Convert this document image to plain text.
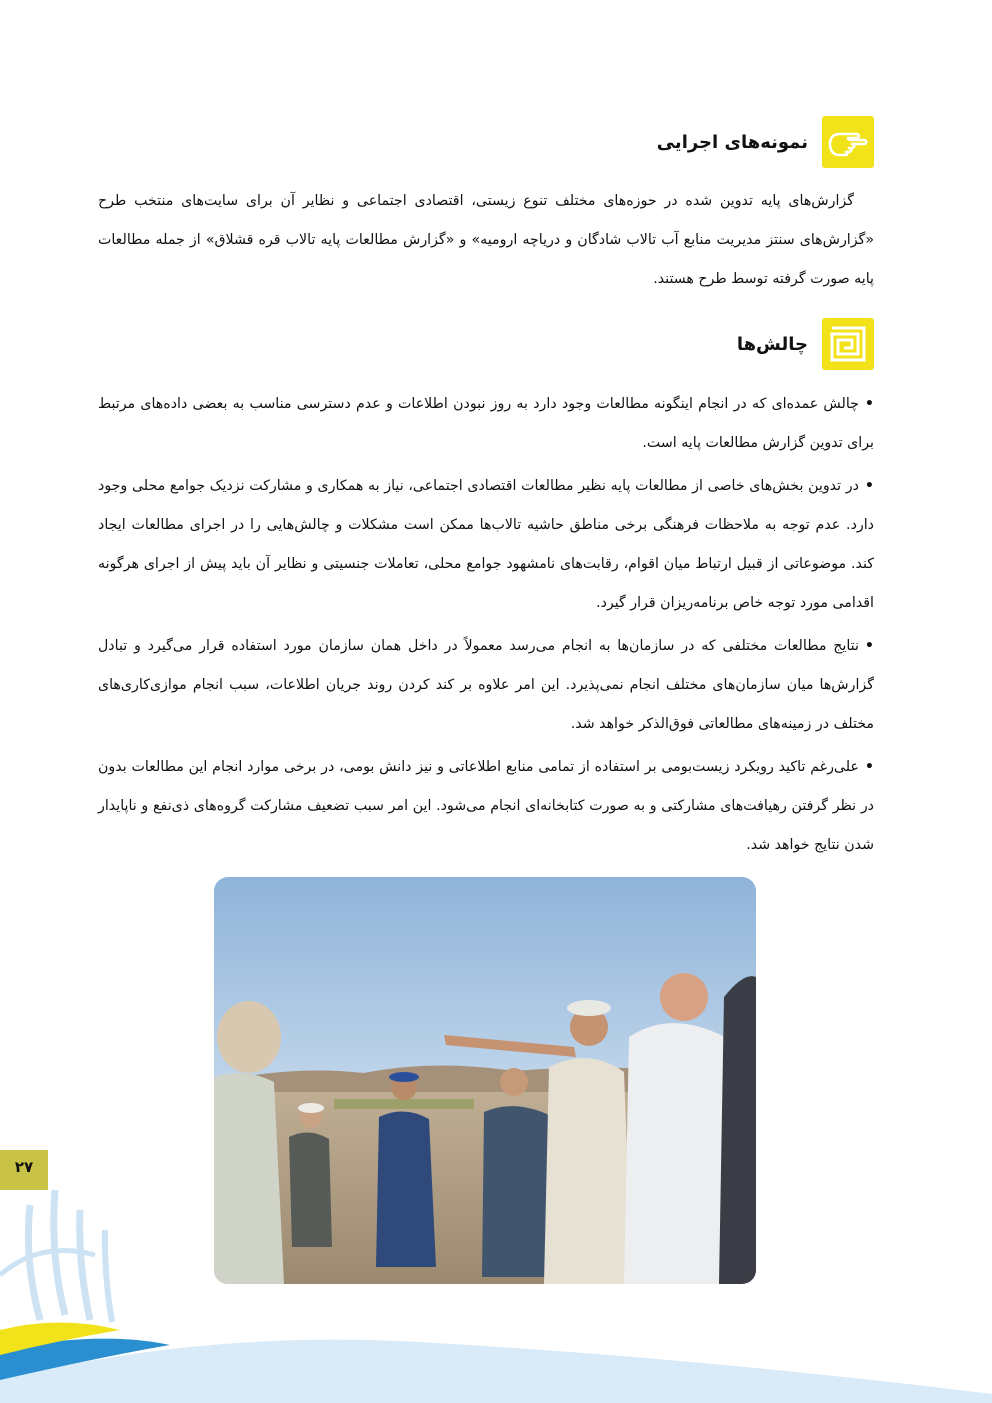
نمونه‌های اجرایی

گزارش‌های پایه تدوین شده در حوزه‌های مختلف تنوع زیستی، اقتصادی اجتماعی و نظایر آن برای سایت‌های منتخب طرح «گزارش‌های سنتز مدیریت منابع آب تالاب شادگان و دریاچه ارومیه» و «گزارش مطالعات پایه تالاب قره قشلاق» از جمله مطالعات پایه صورت گرفته توسط طرح هستند.

چالش‌ها
•چالش عمده‌ای که در انجام اینگونه مطالعات وجود دارد به روز نبودن اطلاعات و عدم دسترسی مناسب به بعضی داده‌های مرتبط برای تدوین گزارش مطالعات پایه است.
•در تدوین بخش‌های خاصی از مطالعات پایه نظیر مطالعات اقتصادی اجتماعی، نیاز به همکاری و مشارکت نزدیک جوامع محلی وجود دارد. عدم توجه به ملاحظات فرهنگی برخی مناطق حاشیه تالاب‌ها ممکن است مشکلات و چالش‌هایی را در اجرای مطالعات ایجاد کند. موضوعاتی از قبیل ارتباط میان اقوام، رقابت‌های نامشهود جوامع محلی، تعاملات جنسیتی و نظایر آن باید پیش از اجرای هرگونه اقدامی مورد توجه خاص برنامه‌ریزان قرار گیرد.
•نتایج مطالعات مختلفی که در سازمان‌ها به انجام می‌رسد معمولاً در داخل همان سازمان مورد استفاده قرار می‌گیرد و تبادل گزارش‌ها میان سازمان‌های مختلف انجام نمی‌پذیرد. این امر علاوه بر کند کردن روند جریان اطلاعات، سبب انجام موازی‌کاری‌های مختلف در زمینه‌های مطالعاتی فوق‌الذکر خواهد شد.
•علی‌رغم تاکید رویکرد زیست‌بومی بر استفاده از تمامی منابع اطلاعاتی و نیز دانش بومی، در برخی موارد انجام این مطالعات بدون در نظر گرفتن رهیافت‌های مشارکتی و به صورت کتابخانه‌ای انجام می‌شود. این امر سبب تضعیف مشارکت گروه‌های ذی‌نفع و ناپایدار شدن نتایج خواهد شد.
۲۷
